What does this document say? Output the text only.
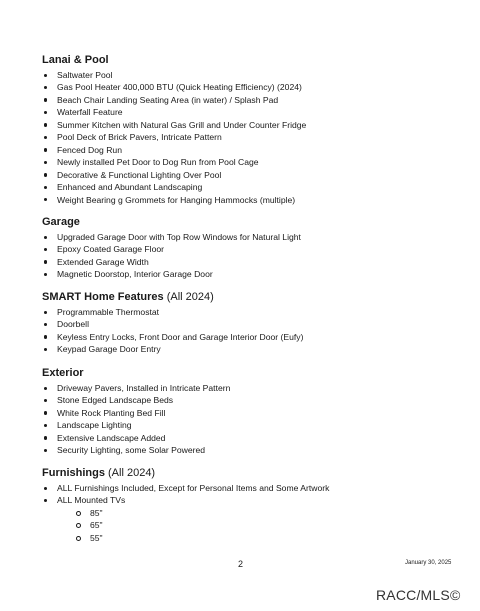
Lanai & Pool
Saltwater Pool
Gas Pool Heater 400,000 BTU (Quick Heating Efficiency) (2024)
Beach Chair Landing Seating Area (in water) / Splash Pad
Waterfall Feature
Summer Kitchen with Natural Gas Grill and Under Counter Fridge
Pool Deck of Brick Pavers, Intricate Pattern
Fenced Dog Run
Newly installed Pet Door to Dog Run from Pool Cage
Decorative & Functional Lighting Over Pool
Enhanced and Abundant Landscaping
Weight Bearing g Grommets for Hanging Hammocks (multiple)
Garage
Upgraded Garage Door with Top Row Windows for Natural Light
Epoxy Coated Garage Floor
Extended Garage Width
Magnetic Doorstop, Interior Garage Door
SMART Home Features (All 2024)
Programmable Thermostat
Doorbell
Keyless Entry Locks, Front Door and Garage Interior Door (Eufy)
Keypad Garage Door Entry
Exterior
Driveway Pavers, Installed in Intricate Pattern
Stone Edged Landscape Beds
White Rock Planting Bed Fill
Landscape Lighting
Extensive Landscape Added
Security Lighting, some Solar Powered
Furnishings (All 2024)
ALL Furnishings Included, Except for Personal Items and Some Artwork
ALL Mounted TVs
85"
65"
55"
2	January 30, 2025
RACC/MLS©
